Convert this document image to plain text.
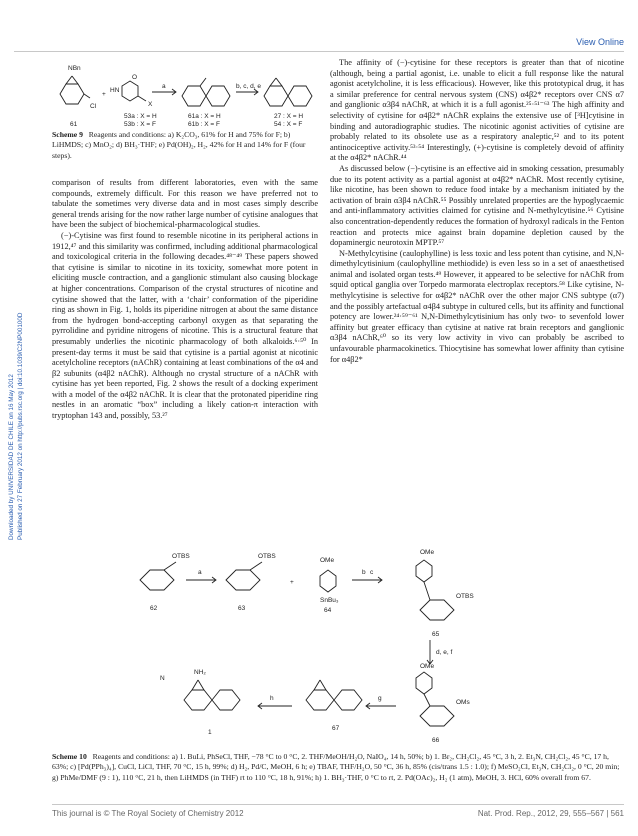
View Online
Downloaded by UNIVERSIDAD DE CHILE on 16 May 2012 Published on 27 February 2012 on http://pubs.rsc.org | doi:10.1039/C2NP00100D
NBn
Cl
61
+
HN
X
O
53a : X = H
53b : X = F
a
61a : X = H
61b : X = F
b, c, d, e
27 : X = H
54 : X = F
Scheme 9 Reagents and conditions: a) K₂CO₃, 61% for H and 75% for F; b) LiHMDS; c) MnO₂; d) BH₃·THF; e) Pd(OH)₂, H₂, 42% for H and 14% for F (four steps).

comparison of results from different laboratories, even with the same compounds, extremely difficult. For this reason we have preferred not to tabulate the sometimes very diverse data and in most cases simply describe general trends arising for the now rather large number of cytisine analogues that have been the subject of biochemical-pharmacological studies.

(−)-Cytisine was first found to resemble nicotine in its peripheral actions in 1912,⁴⁷ and this similarity was confirmed, including additional pharmacological and toxicological criteria in the following decades.⁴⁸⁻⁴⁹ These papers showed that cytisine is similar to nicotine in its toxicity, somewhat more potent in eliciting muscle contraction, and a ganglionic stimulant also causing blockage at higher concentrations. Comparison of the crystal structures of nicotine and cytisine showed that the latter, with a ‘chair’ conformation of the piperidine ring as shown in Fig. 1, holds its piperidine nitrogen at about the same distance from the hydrogen bond-accepting carbonyl oxygen as that separating the pyrrolidine and pyridine nitrogens of nicotine. This is a structural feature that presumably underlies the nicotinic pharmacology of both alkaloids.⁶·⁵⁰ In present-day terms it must be said that cytisine is a partial agonist at nicotinic acetylcholine receptors (nAChR) containing at least combinations of the α4 and β2 subunits (α4β2 nAChR). Although no crystal structure of a nAChR with cytisine has yet been reported, Fig. 2 shows the result of a docking experiment with a model of the α4β2 nAChR. It is clear that the protonated piperidine ring nestles in an aromatic “box” including a likely cation-π interaction with tryptophan 143 and, possibly, 53.²⁷

The affinity of (−)-cytisine for these receptors is greater than that of nicotine (although, being a partial agonist, i.e. unable to elicit a full response like the natural agonist acetylcholine, it is less efficacious). However, like this prototypical drug, it has a similar preference for central nervous system (CNS) α4β2* receptors over CNS α7 and ganglionic α3β4 nAChR, at which it is a full agonist.²⁵·⁵¹⁻⁶³ The high affinity and selectivity of cytisine for α4β2* nAChR explains the extensive use of [³H]cytisine in binding and autoradiographic studies. The nicotinic agonist activities of cytisine are probably related to its obsolete use as a respiratory analeptic,⁵² and to its potent antinociceptive activity.⁵³·⁵⁴ Interestingly, (+)-cytisine is completely devoid of affinity at the α4β2* nAChR.⁴⁴

As discussed below (−)-cytisine is an effective aid in smoking cessation, presumably due to its potent activity as a partial agonist at α4β2* nAChR. Most recently cytisine, like nicotine, has been shown to reduce food intake by a mechanism initiated by the activation of brain α3β4 nAChR.⁵⁵ Possibly unrelated properties are the hypoglycaemic and anti-inflammatory activities claimed for cytisine and N-methylcytisine.⁵⁶ Cytisine also concentration-dependently reduces the formation of hydroxyl radicals in the Fenton reaction and protects mice against brain dopamine depletion caused by the dopaminergic neurotoxin MPTP.⁵⁷

N-Methylcytisine (caulophylline) is less toxic and less potent than cytisine, and N,N-dimethylcytisinium (caulophylline methiodide) is even less so in a set of anaesthetised animal and isolated organ tests.⁴⁹ However, it appeared to be selective for nAChR from squid optical ganglia over Torpedo marmorata electroplax receptors.⁵⁸ Like cytisine, N-methylcytisine is selective for α4β2* nAChR over the other major CNS subtype (α7) and the possibly artefactual α4β4 subtype in cultured cells, but its affinity and functional potency are lower.²⁴·⁵⁹⁻⁶¹ N,N-Dimethylcytisinium has only two- to sevenfold lower affinity but greater efficacy than cytisine at native rat brain receptors and ganglionic α3β4 nAChR,⁶⁰ so its very low activity in vivo can probably be ascribed to unfavourable pharmacokinetics. Thiocytisine has somewhat lower affinity than cytisine for α4β2*

OTBS
62
a
OTBS
63
+
OMe
SnBu₃
64
b c
OMe
OTBS
65
d, e, f
OMe
OMs
66
g
67
h
N
NH₂
1
Scheme 10 Reagents and conditions: a) 1. BuLi, PhSeCl, THF, −78 °C to 0 °C, 2. THF/MeOH/H₂O, NaIO₄, 14 h, 50%; b) 1. Br₂, CH₂Cl₂, 45 °C, 3 h, 2. Et₃N, CH₂Cl₂, 45 °C, 17 h, 63%; c) [Pd(PPh₃)₄], CuCl, LiCl, THF, 70 °C, 15 h, 99%; d) H₂, Pd/C, MeOH, 6 h; e) TBAF, THF/H₂O, 50 °C, 36 h, 85% (cis/trans 1.5 : 1.0); f) MeSO₂Cl, Et₃N, CH₂Cl₂, 0 °C, 20 min; g) PhMe/DMF (9 : 1), 110 °C, 21 h, then LiHMDS (in THF) rt to 110 °C, 18 h, 91%; h) 1. BH₃·THF, 0 °C to rt, 2. Pd(OAc)₂, H₂ (1 atm), MeOH, 3. HCl, 60% overall from 67.
This journal is © The Royal Society of Chemistry 2012	Nat. Prod. Rep., 2012, 29, 555–567 | 561
